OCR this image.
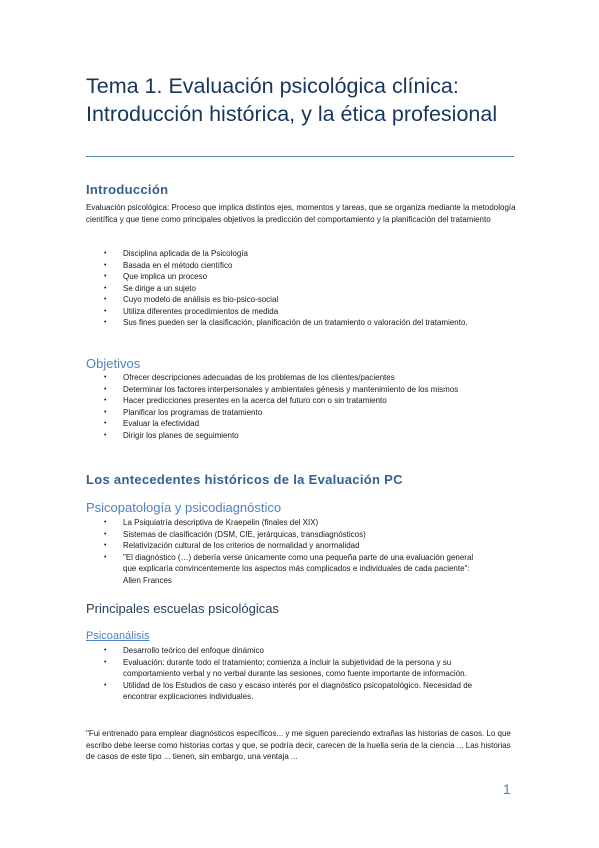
Tema 1. Evaluación psicológica clínica: Introducción histórica, y la ética profesional
Introducción
Evaluación psicológica: Proceso que implica distintos ejes, momentos y tareas, que se organiza mediante la metodología científica y que tiene como principales objetivos la predicción del comportamiento y la planificación del tratamiento
• Disciplina aplicada de la Psicología
• Basada en el método científico
• Que implica un proceso
• Se dirige a un sujeto
• Cuyo modelo de análisis es bio-psico-social
• Utiliza diferentes procedimientos de medida
• Sus fines pueden ser la clasificación, planificación de un tratamiento o valoración del tratamiento.
Objetivos
• Ofrecer descripciones adecuadas de los problemas de los clientes/pacientes
• Determinar los factores interpersonales y ambientales génesis y mantenimiento de los mismos
• Hacer predicciones presentes en la acerca del futuro con o sin tratamiento
• Planificar los programas de tratamiento
• Evaluar la efectividad
• Dirigir los planes de seguimiento
Los antecedentes históricos de la Evaluación PC
Psicopatología y psicodiagnóstico
• La Psiquiatría descriptiva de Kraepelin (finales del XIX)
• Sistemas de clasificación (DSM, CIE, jerárquicas, transdiagnósticos)
• Relativización cultural de los criterios de normalidad y anormalidad
• "El diagnóstico (…) debería verse únicamente como una pequeña parte de una evaluación general que explicaría convincentemente los aspectos más complicados e individuales de cada paciente": Allen Frances
Principales escuelas psicológicas
Psicoanálisis
• Desarrollo teórico del enfoque dinámico
• Evaluación: durante todo el tratamiento; comienza a incluir la subjetividad de la persona y su comportamiento verbal y no verbal durante las sesiones, como fuente importante de información.
• Utilidad de los Estudios de caso y escaso interés por el diagnóstico psicopatológico. Necesidad de encontrar explicaciones individuales.
"Fui entrenado para emplear diagnósticos específicos... y me siguen pareciendo extrañas las historias de casos. Lo que escribo debe leerse como historias cortas y que, se podría decir, carecen de la huella seria de la ciencia ... Las historias de casos de este tipo ... tienen, sin embargo, una ventaja ...
1
